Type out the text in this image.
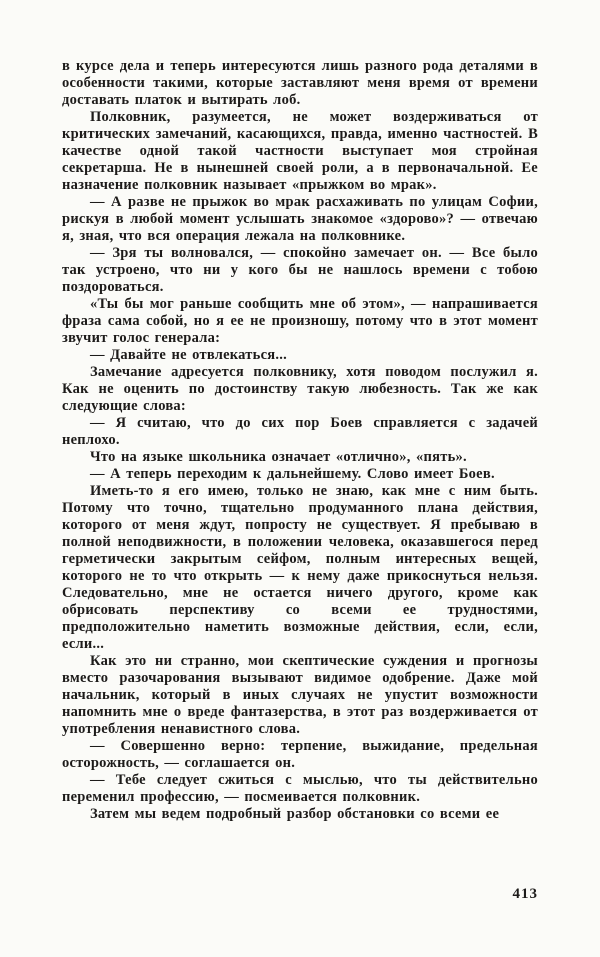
в курсе дела и теперь интересуются лишь разного рода деталями в особенности такими, которые заставляют меня время от времени доставать платок и вытирать лоб.

Полковник, разумеется, не может воздерживаться от критических замечаний, касающихся, правда, именно частностей. В качестве одной такой частности выступает моя стройная секретарша. Не в нынешней своей роли, а в первоначальной. Ее назначение полковник называет «прыжком во мрак».

— А разве не прыжок во мрак расхаживать по улицам Софии, рискуя в любой момент услышать знакомое «здорово»? — отвечаю я, зная, что вся операция лежала на полковнике.

— Зря ты волновался, — спокойно замечает он. — Все было так устроено, что ни у кого бы не нашлось времени с тобою поздороваться.

«Ты бы мог раньше сообщить мне об этом», — напрашивается фраза сама собой, но я ее не произношу, потому что в этот момент звучит голос генерала:

— Давайте не отвлекаться...

Замечание адресуется полковнику, хотя поводом послужил я. Как не оценить по достоинству такую любезность. Так же как следующие слова:

— Я считаю, что до сих пор Боев справляется с задачей неплохо.

Что на языке школьника означает «отлично», «пять».

— А теперь переходим к дальнейшему. Слово имеет Боев.

Иметь-то я его имею, только не знаю, как мне с ним быть. Потому что точно, тщательно продуманного плана действия, которого от меня ждут, попросту не существует. Я пребываю в полной неподвижности, в положении человека, оказавшегося перед герметически закрытым сейфом, полным интересных вещей, которого не то что открыть — к нему даже прикоснуться нельзя. Следовательно, мне не остается ничего другого, кроме как обрисовать перспективу со всеми ее трудностями, предположительно наметить возможные действия, если, если, если...

Как это ни странно, мои скептические суждения и прогнозы вместо разочарования вызывают видимое одобрение. Даже мой начальник, который в иных случаях не упустит возможности напомнить мне о вреде фантазерства, в этот раз воздерживается от употребления ненавистного слова.

— Совершенно верно: терпение, выжидание, предельная осторожность, — соглашается он.

— Тебе следует сжиться с мыслью, что ты действительно переменил профессию, — посмеивается полковник.

Затем мы ведем подробный разбор обстановки со всеми ее

413
